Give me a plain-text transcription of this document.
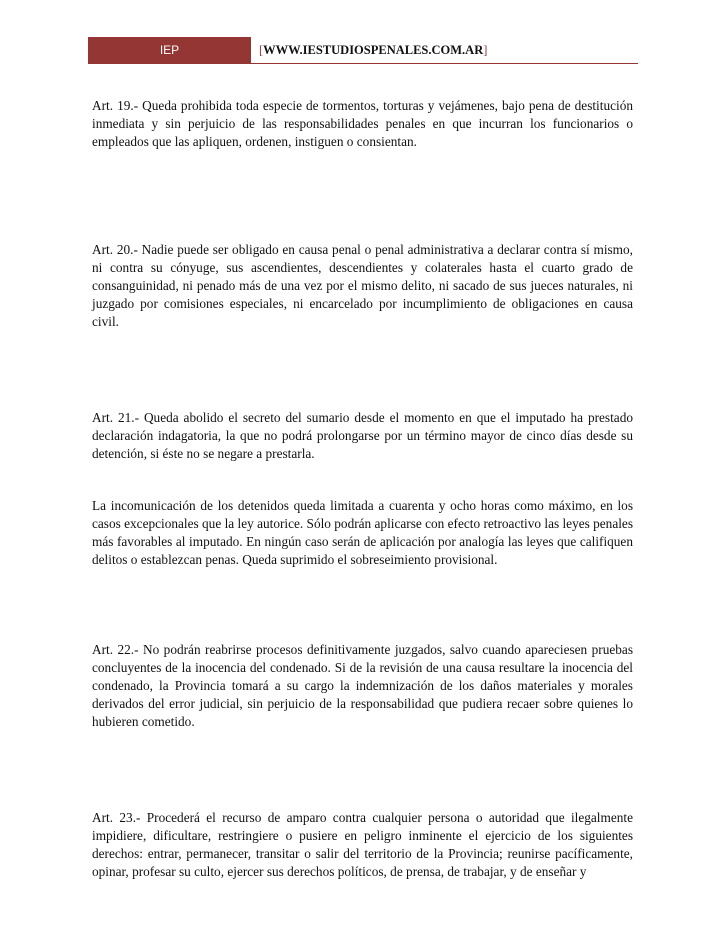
IEP	[WWW.IESTUDIOSPENALES.COM.AR]

Art. 19.- Queda prohibida toda especie de tormentos, torturas y vejámenes, bajo pena de destitución inmediata y sin perjuicio de las responsabilidades penales en que incurran los funcionarios o empleados que las apliquen, ordenen, instiguen o consientan.

Art. 20.- Nadie puede ser obligado en causa penal o penal administrativa a declarar contra sí mismo, ni contra su cónyuge, sus ascendientes, descendientes y colaterales hasta el cuarto grado de consanguinidad, ni penado más de una vez por el mismo delito, ni sacado de sus jueces naturales, ni juzgado por comisiones especiales, ni encarcelado por incumplimiento de obligaciones en causa civil.

Art. 21.- Queda abolido el secreto del sumario desde el momento en que el imputado ha prestado declaración indagatoria, la que no podrá prolongarse por un término mayor de cinco días desde su detención, si éste no se negare a prestarla.

La incomunicación de los detenidos queda limitada a cuarenta y ocho horas como máximo, en los casos excepcionales que la ley autorice. Sólo podrán aplicarse con efecto retroactivo las leyes penales más favorables al imputado. En ningún caso serán de aplicación por analogía las leyes que califiquen delitos o establezcan penas. Queda suprimido el sobreseimiento provisional.

Art. 22.- No podrán reabrirse procesos definitivamente juzgados, salvo cuando apareciesen pruebas concluyentes de la inocencia del condenado. Si de la revisión de una causa resultare la inocencia del condenado, la Provincia tomará a su cargo la indemnización de los daños materiales y morales derivados del error judicial, sin perjuicio de la responsabilidad que pudiera recaer sobre quienes lo hubieren cometido.

Art. 23.- Procederá el recurso de amparo contra cualquier persona o autoridad que ilegalmente impidiere, dificultare, restringiere o pusiere en peligro inminente el ejercicio de los siguientes derechos: entrar, permanecer, transitar o salir del territorio de la Provincia; reunirse pacíficamente, opinar, profesar su culto, ejercer sus derechos políticos, de prensa, de trabajar, y de enseñar y
